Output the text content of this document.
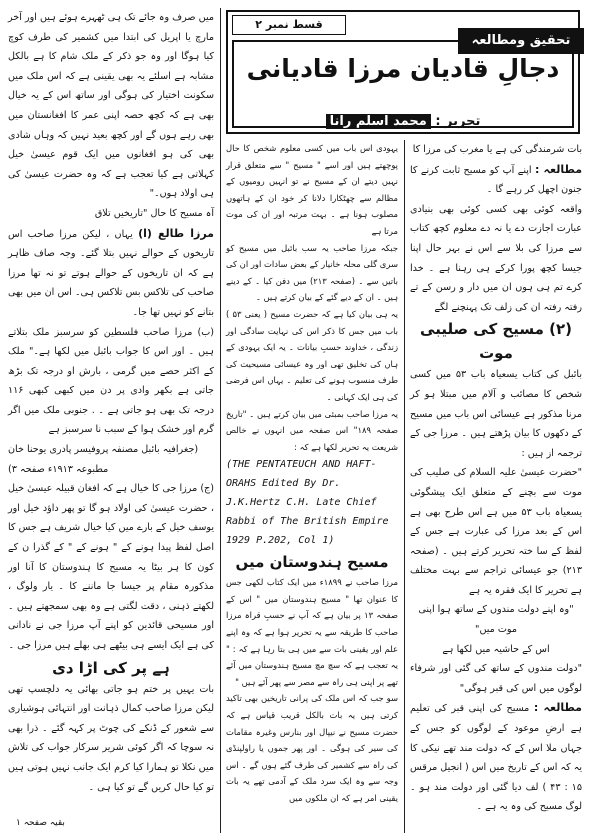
قسط نمبر ۲
دجالِ قادیان مرزا قادیانی
تحریر : محمد اسلم رانا
تحقیق ومطالعہ

میں صرف وہ جائے تک ہی ٹھہرے ہوئے ہیں اور آخر مارچ یا اپریل کی ابتدا میں کشمیر کی طرف کوچ کیا ہوگا اور وہ جو ذکر کے ملک شام کا ہے بالکل مشابہ ہے اسلئے یہ بھی یقینی ہے کہ اس ملک میں سکونت اختیار کی ہوگی اور ساتھ اس کے یہ خیال بھی ہے کہ کچھ حصہ اپنی عمر کا افغانستان میں بھی رہے ہوں گے اور کچھ بعید نہیں کہ وہاں شادی بھی کی ہو افغانوں میں ایک قوم عیسیٰ خیل کہلاتی ہے کیا تعجب ہے کہ وہ حضرت عیسیٰ کی ہی اولاد ہوں۔"

آہ مسیح کا حال "تاریخیں تلاق

مرزا طالع (ا) یہاں ، لیکن مرزا صاحب اس تاریخوں کے حوالے نہیں بتلا گئے۔ وجہ صاف ظاہر ہے کہ ان تاریخوں کے حوالے ہوتے تو نہ تھا مرزا صاحب کی تلاکس بس تلاکس ہی۔ اس ان میں بھی بتانے کو نہیں تھا جا۔

(ب) مرزا صاحب فلسطین کو سرسبز ملک بتلاتے ہیں ۔ اور اس کا جواب بائبل میں لکھا ہے۔" ملک کے اکثر حصے میں گرمی ، بارش او درجہ تک بڑھ جاتی ہے بکھر وادی پر دن میں کبھی کبھی ۱۱۶ درجہ تک بھی ہو جاتی ہے ۔ . جنوبی ملک میں اگر گرم اور خشک ہوا کے سبب نا سرسبز ہے

(جغرافیہ بائبل مصنفہ پروفیسر پادری یوحنا خان مطبوعہ ۱۹۱۳ء صفحہ ۳)

(ج) مرزا جی کا خیال ہے کہ افغان قبیلہ عیسیٰ خیل ، حضرت عیسیٰ کی اولاد ہو گا تو پھر داؤد خیل اور یوسف خیل کے بارے میں کیا خیال شریف ہے جس کا اصل لفظ پیدا ہونے کے " ہونے کے " کے گذرا ن کے کون کا ہر بیٹا یہ مسیح کا ہندوستان کا آنا اور مذکورہ مقام پر جیسا جا ماننے کا ۔ یار ولوگ ، لکھتے ذہنی ، دقت لگتی ہے وہ بھی سمجھتے ہیں ۔ اور مسیحی قائدین کو اپنے آپ مرزا جی نے نادانی کی ہے ایک ایسے ہی بیٹھے ہی بھلے ہیں مرزا جی ۔

ہے پر کی اڑا دی

بات یہیں پر ختم ہو جاتی بھائی یہ دلچسپ تھی لیکن مرزا صاحب کمال ذہانت اور انتہائی ہوشیاری سے شعور کے ڈنکے کی چوٹ پر کہہ گئے ۔ ذرا بھی نہ سوچا کہ اگر کوئی شریر سرکار جواب کی تلاش میں نکلا تو ہمارا کیا کرم ایک جانب نہیں ہوتی ہیں تو کیا حال کریں گے تو کیا ہی ۔

یہودی اس باب میں کسی معلوم شخص کا حال پوچھتے ہیں اور اسے " مسیح " سے متعلق قرار نہیں دیتے ان کے مسیح نے تو انہیں رومیوں کے مظالم سے چھٹکارا دلانا کر خود ان کے ہاتھوں مصلوب ہونا ہے ۔ بہت مرتبہ اور ان کی موت مرتا ہے

جبکہ مرزا صاحب یہ سب بائبل میں مسیح کو سری گلی محلہ خانیار کے بعض سادات اور ان کی باتیں سے ۔ (صفحہ ۲۱۳) میں دفن کیا ۔ کے دینے ہیں ۔ ان کے دیے گئے کے بیان کرتے ہیں ۔

یہ ہی بیان کیا ہے کہ حضرت مسیح ( یعنی ۵۳ ) باب میں جس کا ذکر اس کی نہایت سادگی اور زندگی ، خداوند حسبِ بیانات ۔ یہ ایک یہودی کے ہاں کی تخلیق تھی اور وہ عیسائی مسیحیت کی طرف منسوب ہونے کی تعلیم ۔ یہاں اس فرضی کی ہی ایک کہانی ۔

یہ مرزا صاحب بمبئی میں بیان کرتے ہیں ۔ "تاریخ صفحہ ۱۸۹" اس صفحہ میں انہوں نے خالص شریعت یہ تحریر لکھا ہے کہ :

(THE PENTATEUCH AND HAFT-ORAHS Edited By Dr. J.K.Hertz C.H. Late Chief Rabbi of The British Empire 1929 P.202, Col 1)

مسیح ہندوستان میں

مرزا صاحب نے ۱۸۹۹ء میں ایک کتاب لکھی جس کا عنوان تھا " مسیح ہندوستان میں " اس کے صفحہ ۱۳ پر بیان ہے کہ آپ نے حسبِ قراہ مرزا صاحب کا طریقہ سے یہ تحریر ہوا ہے کہ وہ اپنے علم اور یقینی بات سے میں ہی بتا رہا ہے کہ : " یہ تعجب ہے کہ سچ مچ مسیح ہندوستان میں آئے تھے پر اپنی ہی راہ سے مصر سے پھر آئے ہیں "

سو جب کہ اس ملک کی پرانی تاریخیں بھی تاکید کرتی ہیں یہ بات بالکل قریب قیاس ہے کہ حضرت مسیح نے نیپال اور بنارس وغیرہ مقامات کی سیر کی ہوگی ۔ اور پھر جموں یا راولپنڈی کی راہ سے کشمیر کی طرف گئے ہوں گے ۔ اس وجہ سے وہ ایک سرد ملک کے آدمی تھے یہ بات یقینی امر ہے کہ ان ملکوں میں

بات شرمندگی کی ہے یا مغرب کی مرزا کا

مطالعہ : اپنے آپ کو مسیح ثابت کرنے کا جنون اچھل کر رہے گا ۔

واقعہ کوئی بھی کسی کوئی بھی بنیادی عبارت اجازت دے یا نہ دے معلوم کچھ کتاب سے مرزا کی بلا سے اس نے بہر حال اپنا جیسا کچھ پورا کرکے ہی رہنا ہے ۔ خدا کرے تم ہی ہوں ان میں دار و رسن کے تے رفتہ رفتہ ان کی زلف تک پہنچنے لگے

(۲) مسیح کی صلیبی موت

بائبل کی کتاب یسعیاہ باب ۵۳ میں کسی شخص کا مصائب و آلام میں مبتلا ہو کر مرنا مذکور ہے عیسائی اس باب میں مسیح کے دکھوں کا بیان پڑھتے ہیں ۔ مرزا جی کے ترجمہ از ہیں :

"حضرت عیسیٰ علیہ السلام کی صلیب کی موت سے بچنے کے متعلق ایک پیشگوئی یسعیاہ باب ۵۳ میں ہے اس طرح بھی ہے اس کے بعد مرزا کی عبارت ہے جس کے لفظ کے سا ختہ تحریر کرتے ہیں ۔ (صفحہ ۲۱۳) جو عیسائی تراجم سے بہت مختلف ہے تحریر کا ایک فقرہ یہ ہے

"وہ اپنے دولت مندوں کے ساتھ ہوا اپنی موت میں"

اس کے حاشیہ میں لکھا ہے

"دولت مندوں کے ساتھ کی گئی اور شرفاء لوگوں میں اس کی قبر ہوگی"

مطالعہ : مسیح کی اپنی قبر کی تعلیم ہے ارضِ موعود کے لوگوں کو جس کے جہاں ملا اس کے کہ دولت مند تھے نیکی کا یہ کہ اس کے تاریخ میں اس ( انجیل مرقس ۱۵ : ۴۳ ) لف دیا گئی اور دولت مند ہو ۔ لوگ مسیح کی وہ یہ ہے ۔

بقیہ صفحہ ۱
